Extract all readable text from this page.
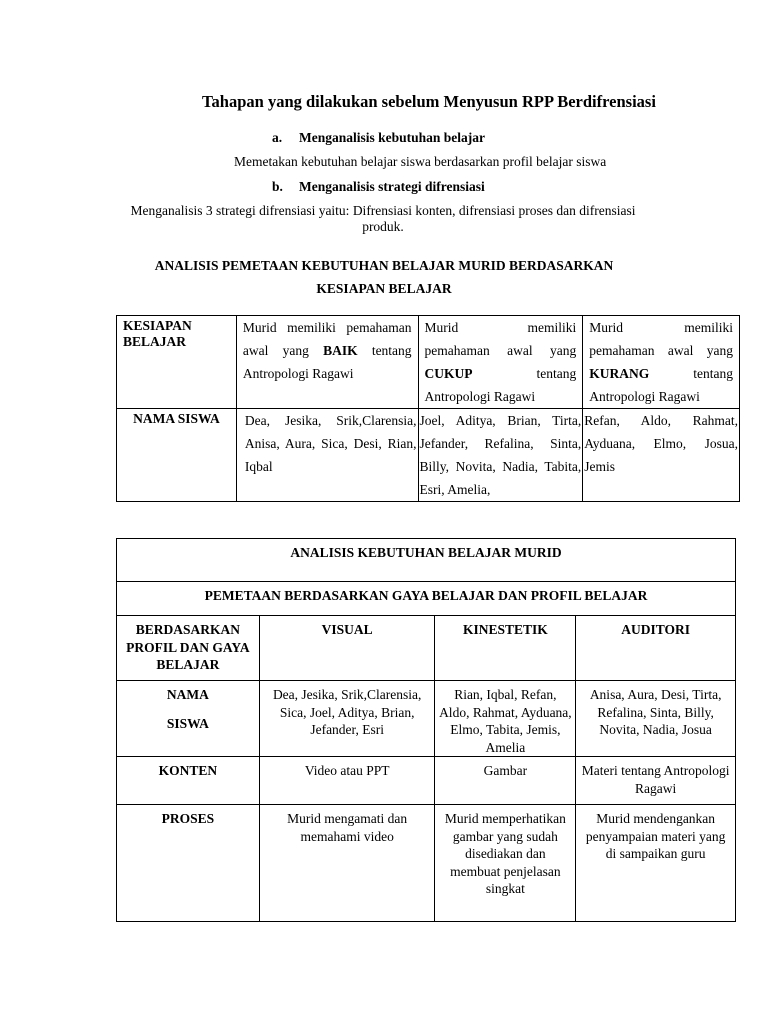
Tahapan yang dilakukan sebelum Menyusun RPP Berdifrensiasi
a. Menganalisis kebutuhan belajar
Memetakan kebutuhan belajar siswa berdasarkan profil belajar siswa
b. Menganalisis strategi difrensiasi
Menganalisis 3 strategi difrensiasi yaitu: Difrensiasi konten, difrensiasi proses dan difrensiasi
produk.
ANALISIS PEMETAAN KEBUTUHAN BELAJAR MURID BERDASARKAN
KESIAPAN BELAJAR
KESIAPAN BELAJAR	Murid memiliki pemahaman awal yang BAIK tentang Antropologi Ragawi	Murid memiliki pemahaman awal yang CUKUP tentang Antropologi Ragawi	Murid memiliki pemahaman awal yang KURANG tentang Antropologi Ragawi
NAMA SISWA	Dea, Jesika, Srik,Clarensia, Anisa, Aura, Sica, Desi, Rian, Iqbal	Joel, Aditya, Brian, Tirta, Jefander, Refalina, Sinta, Billy, Novita, Nadia, Tabita, Esri, Amelia,	Refan, Aldo, Rahmat, Ayduana, Elmo, Josua, Jemis
ANALISIS KEBUTUHAN BELAJAR MURID			
PEMETAAN BERDASARKAN GAYA BELAJAR DAN PROFIL BELAJAR			
BERDASARKAN PROFIL DAN GAYA BELAJAR	VISUAL	KINESTETIK	AUDITORI

NAMA
SISWA	Dea, Jesika, Srik,Clarensia, Sica, Joel, Aditya, Brian, Jefander, Esri	Rian, Iqbal, Refan, Aldo, Rahmat, Ayduana, Elmo, Tabita, Jemis, Amelia	Anisa, Aura, Desi, Tirta, Refalina, Sinta, Billy, Novita, Nadia, Josua
KONTEN	Video atau PPT	Gambar	Materi tentang Antropologi Ragawi
PROSES	Murid mengamati dan memahami video	Murid memperhatikan gambar yang sudah disediakan dan membuat penjelasan singkat	Murid mendengankan penyampaian materi yang di sampaikan guru
